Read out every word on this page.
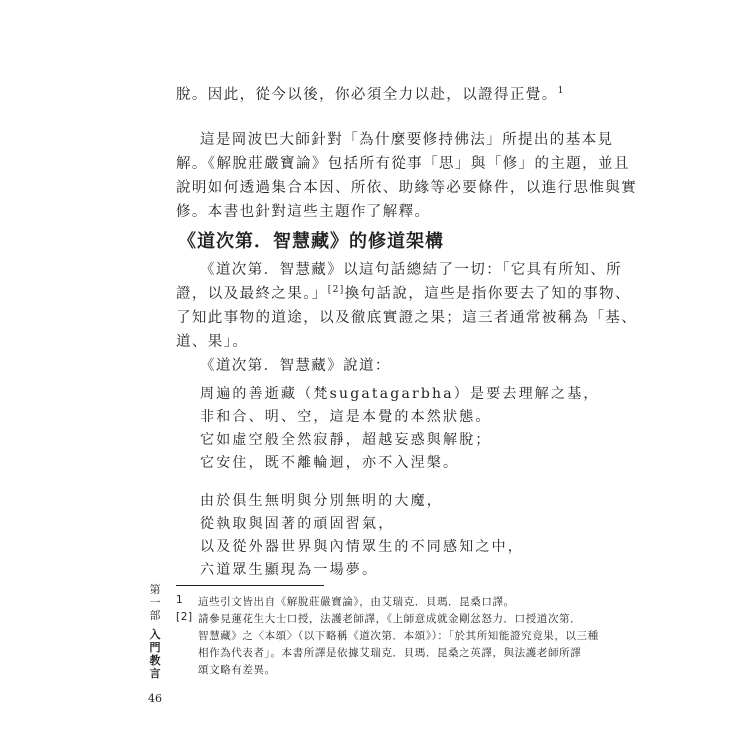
脫。因此，從今以後，你必須全力以赴，以證得正覺。$^1$

這是岡波巴大師針對「為什麼要修持佛法」所提出的基本見

解。《解脫莊嚴寶論》包括所有從事「思」與「修」的主題，並且

說明如何透過集合本因、所依、助緣等必要條件，以進行思惟與實

修。本書也針對這些主題作了解釋。

《道次第．智慧藏》的修道架構

《道次第．智慧藏》以這句話總結了一切：「它具有所知、所

證，以及最終之果。」[2]換句話說，這些是指你要去了知的事物、

了知此事物的道途，以及徹底實證之果；這三者通常被稱為「基、

道、果」。

《道次第．智慧藏》說道：

周遍的善逝藏（梵sugatagarbha）是要去理解之基，

非和合、明、空，這是本覺的本然狀態。

它如虛空般全然寂靜，超越妄惑與解脫；

它安住，既不離輪迴，亦不入涅槃。

由於俱生無明與分別無明的大魔，

從執取與固著的頑固習氣，

以及從外器世界與內情眾生的不同感知之中，

六道眾生顯現為一場夢。

1 這些引文皆出自《解脫莊嚴寶論》，由艾瑞克．貝瑪．昆桑口譯。
[2] 請參見蓮花生大士口授，法護老師譯，《上師意成就金剛忿怒力．口授道次第．
智慧藏》之〈本頌〉（以下略稱《道次第．本頌》）：「於其所知能證究竟果，以三種
相作為代表者」。本書所譯是依據艾瑞克．貝瑪．昆桑之英譯，與法護老師所譯
頌文略有差異。
第
一
部
入
門
教
言
46
